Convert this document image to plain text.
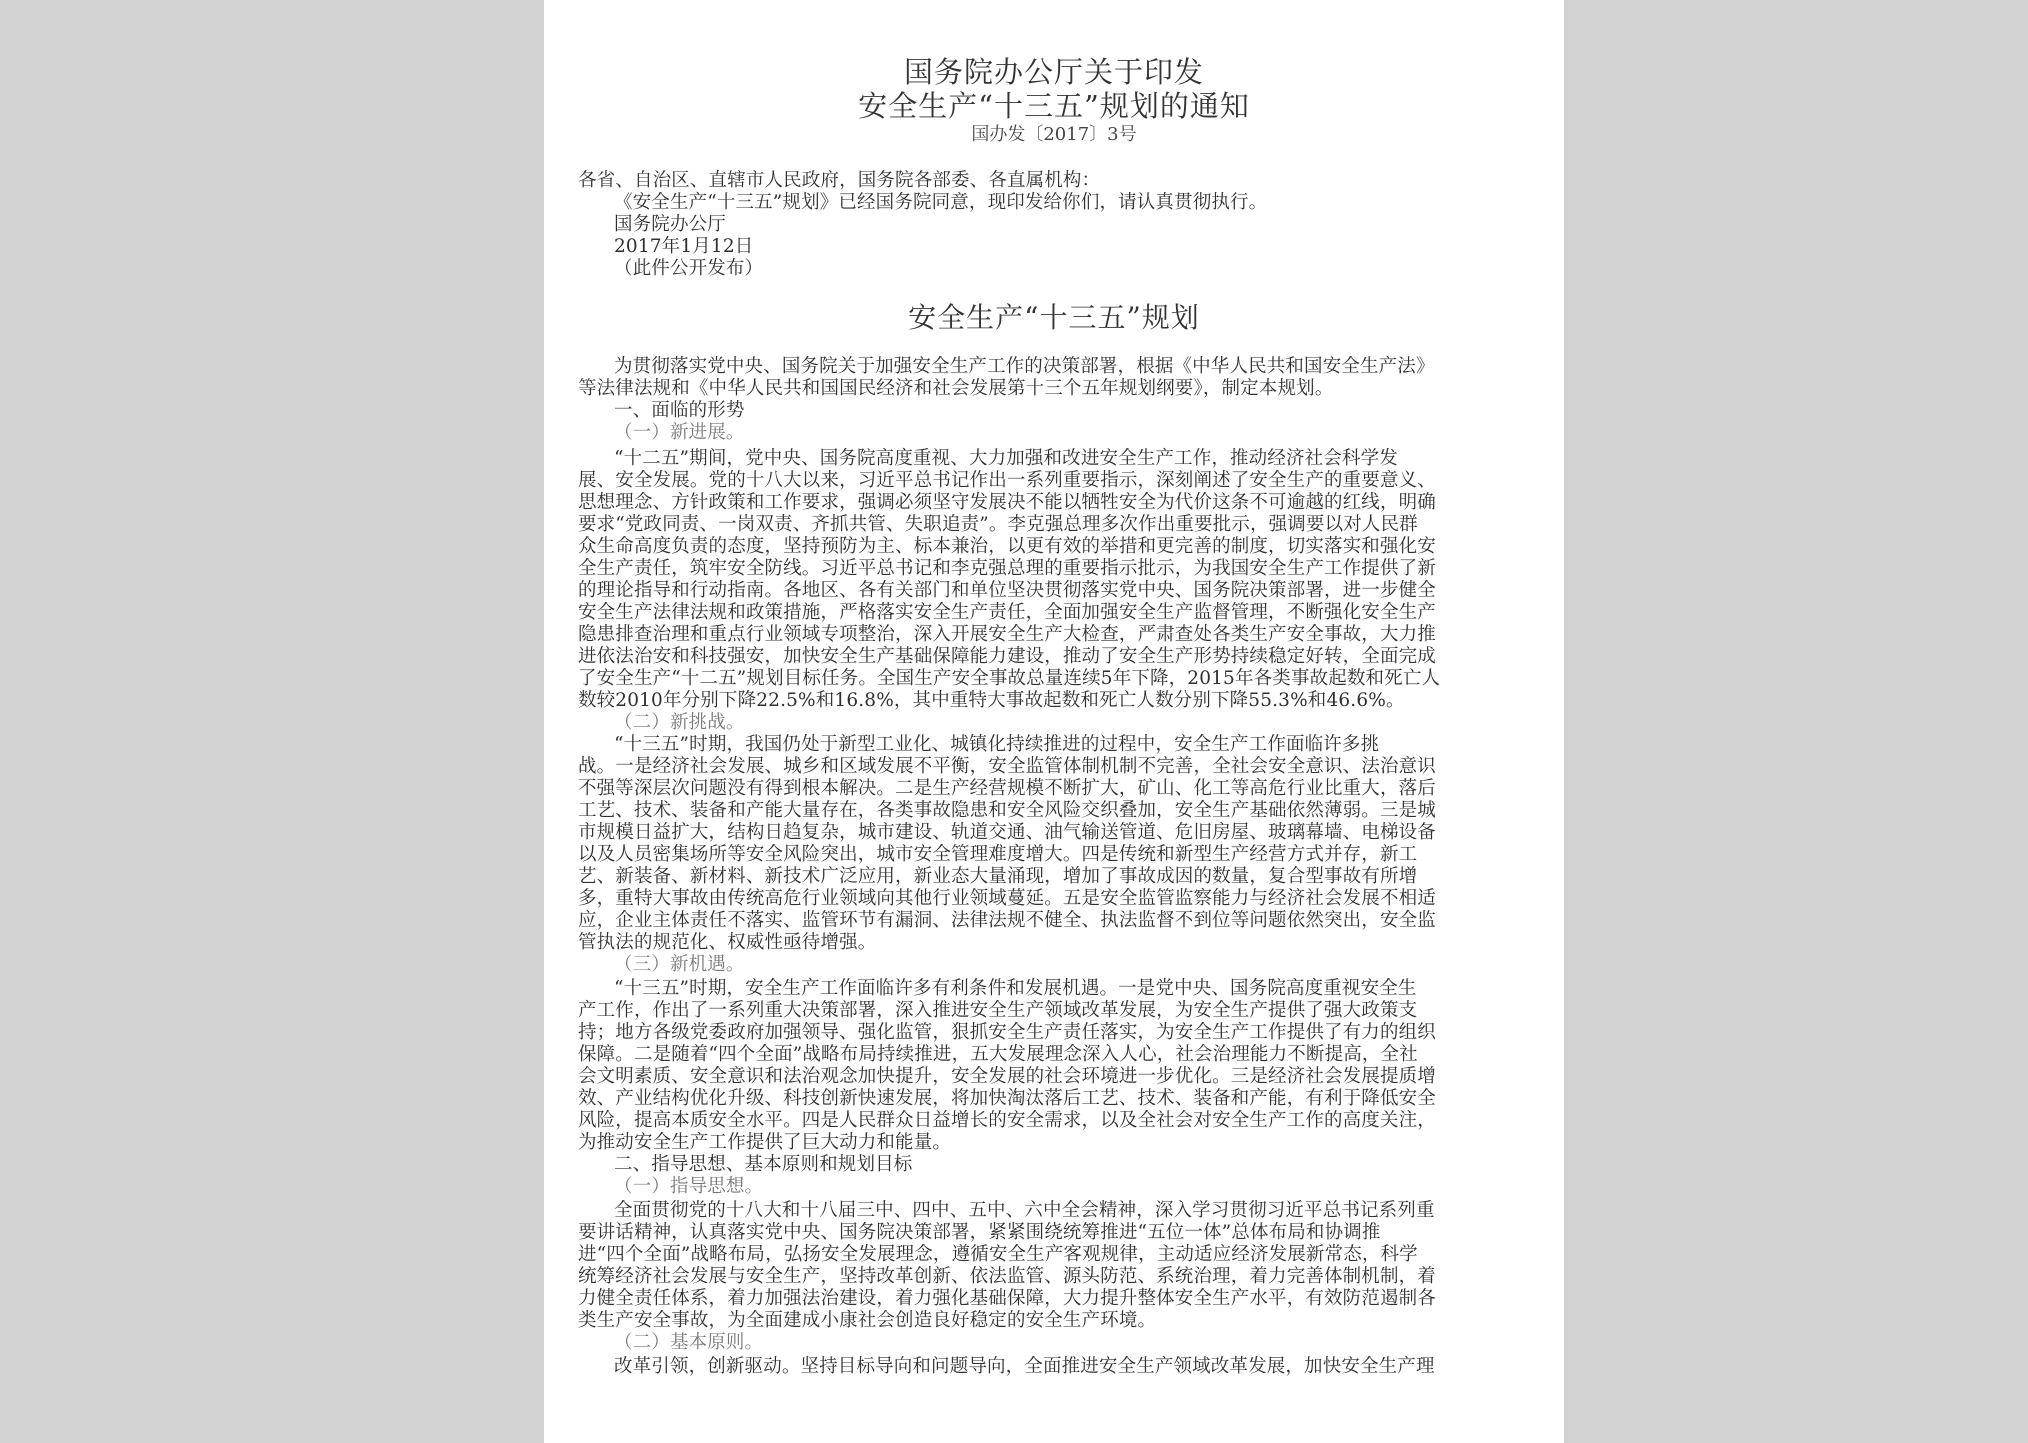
国务院办公厅关于印发

安全生产“十三五”规划的通知

国办发〔2017〕3号

各省、自治区、直辖市人民政府，国务院各部委、各直属机构：

《安全生产“十三五”规划》已经国务院同意，现印发给你们，请认真贯彻执行。

国务院办公厅

2017年1月12日

（此件公开发布）

安全生产“十三五”规划

为贯彻落实党中央、国务院关于加强安全生产工作的决策部署，根据《中华人民共和国安全生产法》

等法律法规和《中华人民共和国国民经济和社会发展第十三个五年规划纲要》，制定本规划。

一、面临的形势

（一）新进展。

“十二五”期间，党中央、国务院高度重视、大力加强和改进安全生产工作，推动经济社会科学发

展、安全发展。党的十八大以来，习近平总书记作出一系列重要指示，深刻阐述了安全生产的重要意义、

思想理念、方针政策和工作要求，强调必须坚守发展决不能以牺牲安全为代价这条不可逾越的红线，明确

要求“党政同责、一岗双责、齐抓共管、失职追责”。李克强总理多次作出重要批示，强调要以对人民群

众生命高度负责的态度，坚持预防为主、标本兼治，以更有效的举措和更完善的制度，切实落实和强化安

全生产责任，筑牢安全防线。习近平总书记和李克强总理的重要指示批示，为我国安全生产工作提供了新

的理论指导和行动指南。各地区、各有关部门和单位坚决贯彻落实党中央、国务院决策部署，进一步健全

安全生产法律法规和政策措施，严格落实安全生产责任，全面加强安全生产监督管理，不断强化安全生产

隐患排查治理和重点行业领域专项整治，深入开展安全生产大检查，严肃查处各类生产安全事故，大力推

进依法治安和科技强安，加快安全生产基础保障能力建设，推动了安全生产形势持续稳定好转，全面完成

了安全生产“十二五”规划目标任务。全国生产安全事故总量连续5年下降，2015年各类事故起数和死亡人

数较2010年分别下降22.5%和16.8%，其中重特大事故起数和死亡人数分别下降55.3%和46.6%。

（二）新挑战。

“十三五”时期，我国仍处于新型工业化、城镇化持续推进的过程中，安全生产工作面临许多挑

战。一是经济社会发展、城乡和区域发展不平衡，安全监管体制机制不完善，全社会安全意识、法治意识

不强等深层次问题没有得到根本解决。二是生产经营规模不断扩大，矿山、化工等高危行业比重大，落后

工艺、技术、装备和产能大量存在，各类事故隐患和安全风险交织叠加，安全生产基础依然薄弱。三是城

市规模日益扩大，结构日趋复杂，城市建设、轨道交通、油气输送管道、危旧房屋、玻璃幕墙、电梯设备

以及人员密集场所等安全风险突出，城市安全管理难度增大。四是传统和新型生产经营方式并存，新工

艺、新装备、新材料、新技术广泛应用，新业态大量涌现，增加了事故成因的数量，复合型事故有所增

多，重特大事故由传统高危行业领域向其他行业领域蔓延。五是安全监管监察能力与经济社会发展不相适

应，企业主体责任不落实、监管环节有漏洞、法律法规不健全、执法监督不到位等问题依然突出，安全监

管执法的规范化、权威性亟待增强。

（三）新机遇。

“十三五”时期，安全生产工作面临许多有利条件和发展机遇。一是党中央、国务院高度重视安全生

产工作，作出了一系列重大决策部署，深入推进安全生产领域改革发展，为安全生产提供了强大政策支

持；地方各级党委政府加强领导、强化监管，狠抓安全生产责任落实，为安全生产工作提供了有力的组织

保障。二是随着“四个全面”战略布局持续推进，五大发展理念深入人心，社会治理能力不断提高，全社

会文明素质、安全意识和法治观念加快提升，安全发展的社会环境进一步优化。三是经济社会发展提质增

效、产业结构优化升级、科技创新快速发展，将加快淘汰落后工艺、技术、装备和产能，有利于降低安全

风险，提高本质安全水平。四是人民群众日益增长的安全需求，以及全社会对安全生产工作的高度关注，

为推动安全生产工作提供了巨大动力和能量。

二、指导思想、基本原则和规划目标

（一）指导思想。

全面贯彻党的十八大和十八届三中、四中、五中、六中全会精神，深入学习贯彻习近平总书记系列重

要讲话精神，认真落实党中央、国务院决策部署，紧紧围绕统筹推进“五位一体”总体布局和协调推

进“四个全面”战略布局，弘扬安全发展理念，遵循安全生产客观规律，主动适应经济发展新常态，科学

统筹经济社会发展与安全生产，坚持改革创新、依法监管、源头防范、系统治理，着力完善体制机制，着

力健全责任体系，着力加强法治建设，着力强化基础保障，大力提升整体安全生产水平，有效防范遏制各

类生产安全事故，为全面建成小康社会创造良好稳定的安全生产环境。

（二）基本原则。

改革引领，创新驱动。坚持目标导向和问题导向，全面推进安全生产领域改革发展，加快安全生产理
